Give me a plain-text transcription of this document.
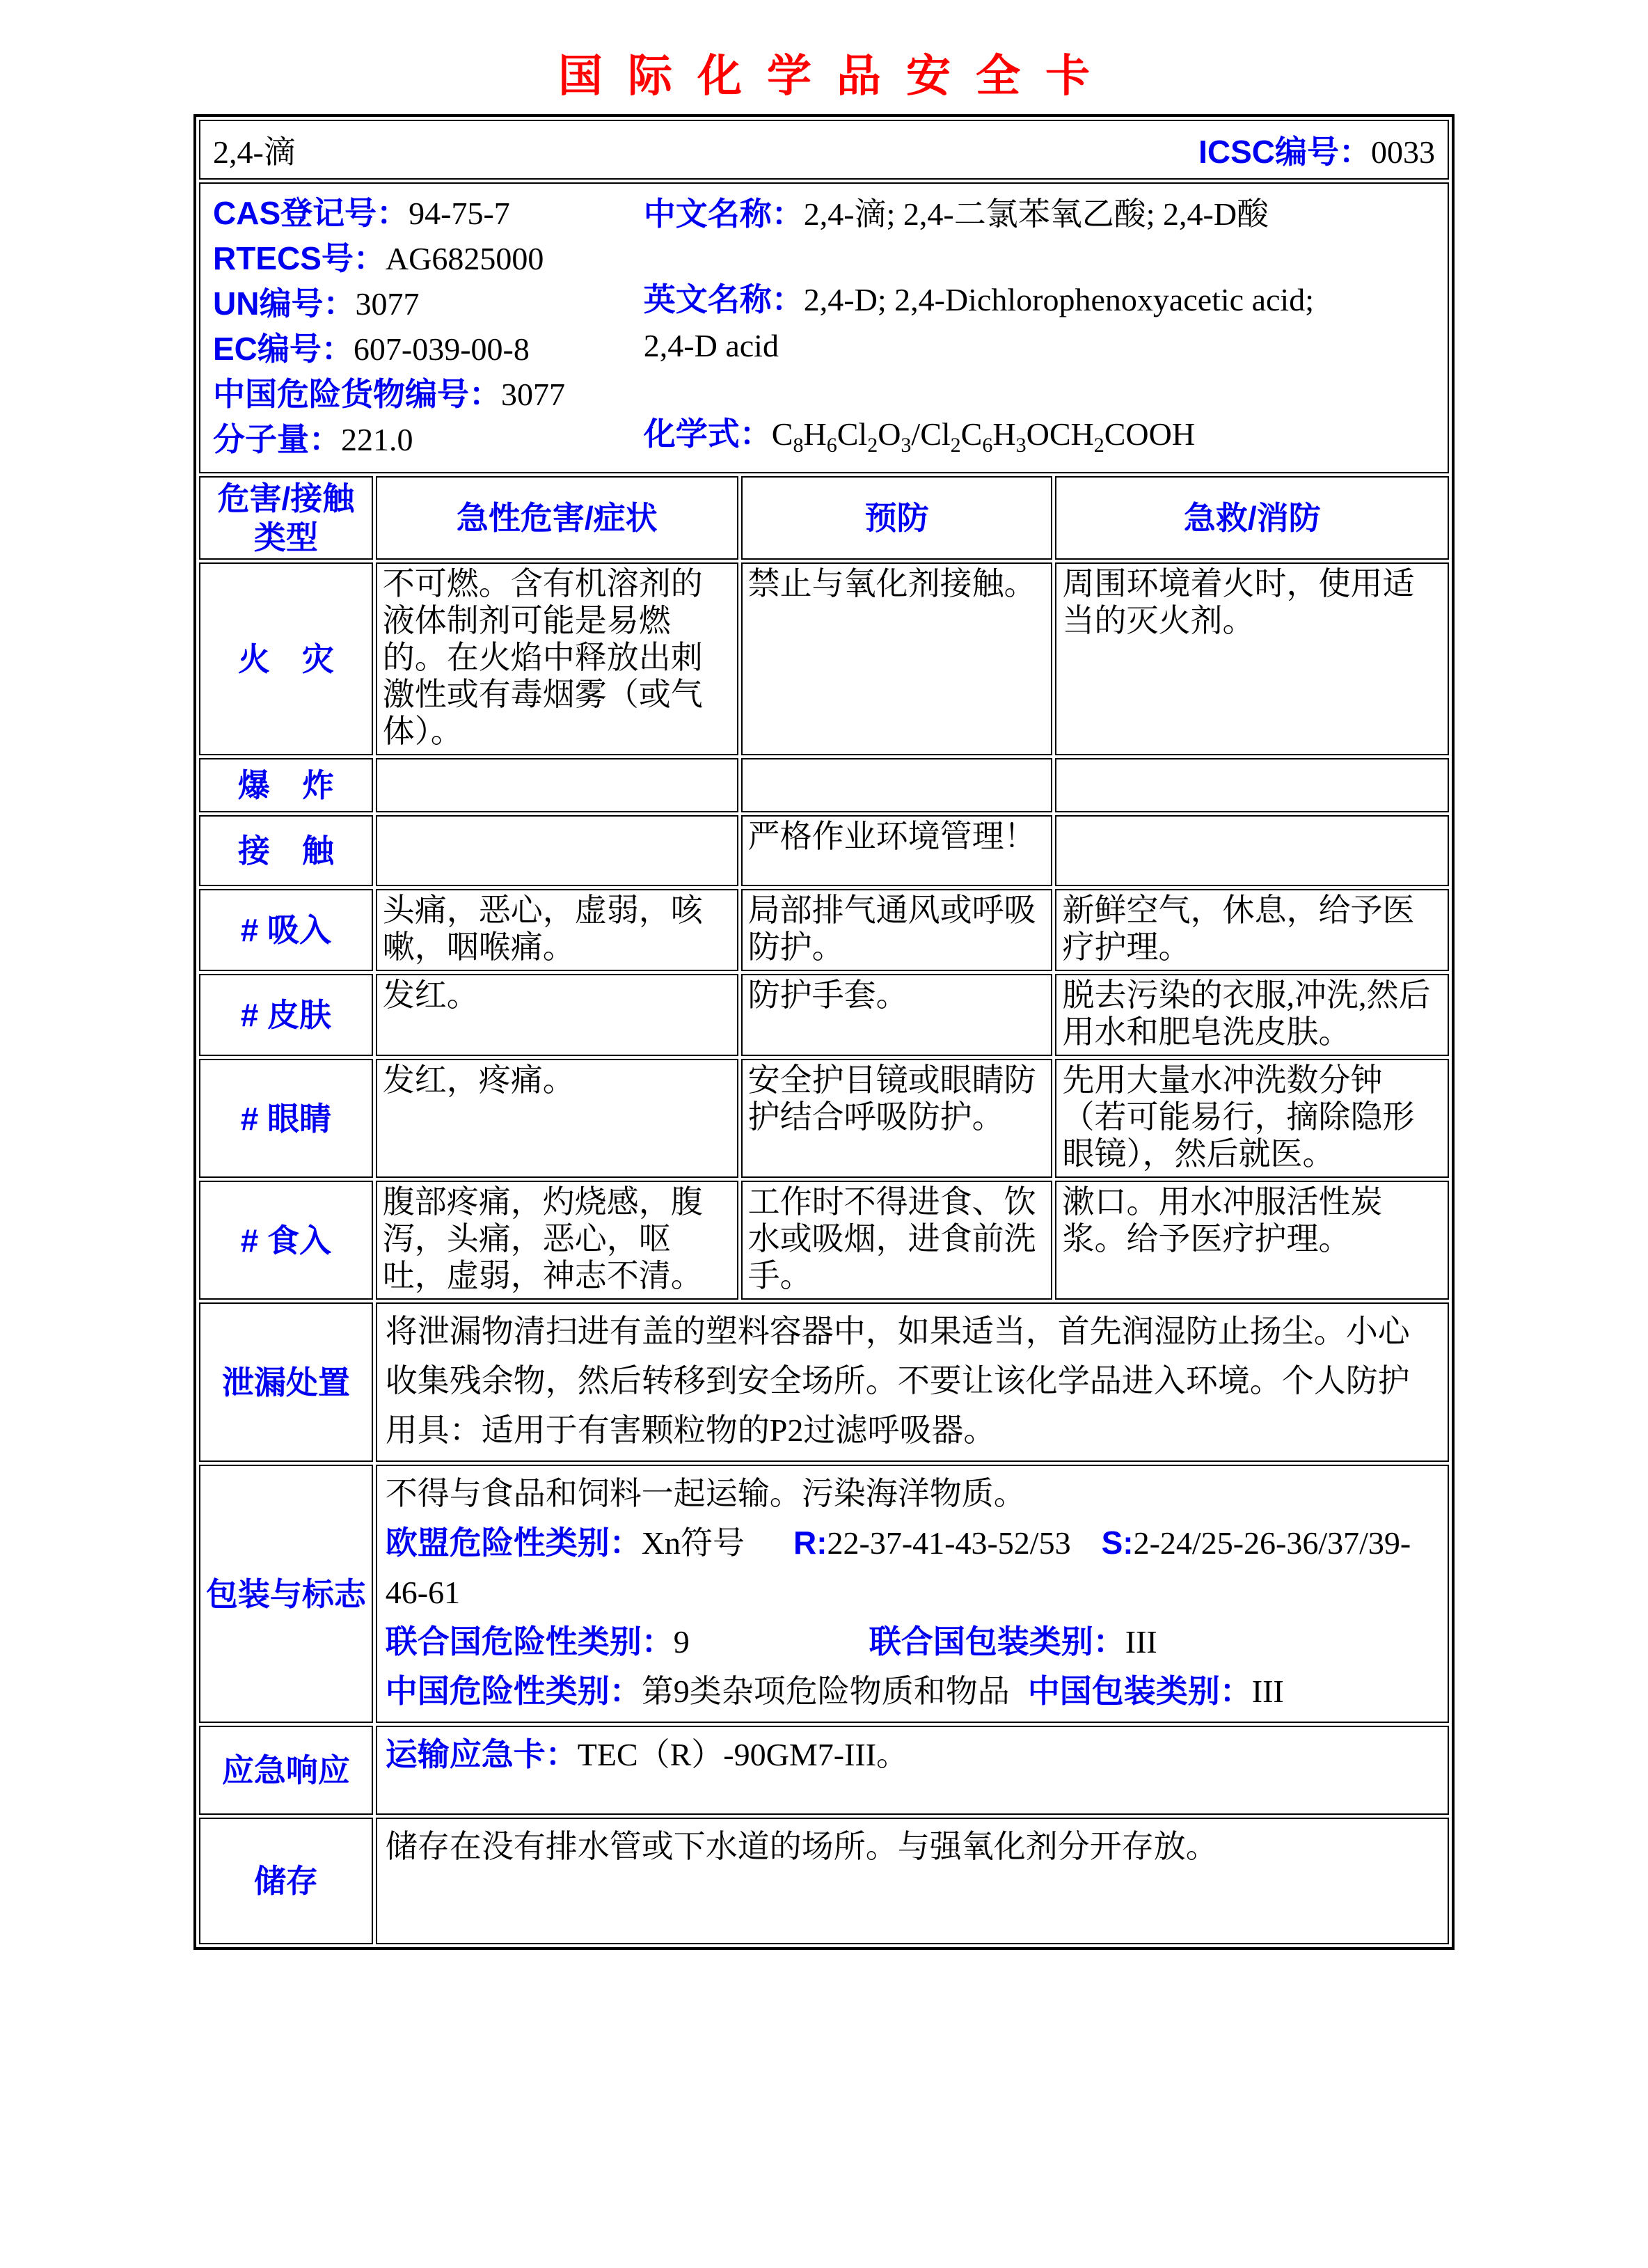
国际化学品安全卡
2,4-滴 ICSC编号：0033			

CAS登记号：94-75-7
RTECS号：AG6825000
UN编号：3077
EC编号：607-039-00-8
中国危险货物编号：3077
分子量：221.0

中文名称：2,4-滴; 2,4-二氯苯氧乙酸; 2,4-D酸

英文名称：2,4-D; 2,4-Dichlorophenoxyacetic acid; 2,4-D acid

化学式：$C_8H_6Cl_2O_3/Cl_2C_6H_3OCH_2COOH$

危害/接触
类型	急性危害/症状	预防	急救/消防
火　灾	不可燃。含有机溶剂的液体制剂可能是易燃的。在火焰中释放出刺激性或有毒烟雾（或气体）。	禁止与氧化剂接触。	周围环境着火时，使用适当的灭火剂。
爆　炸			
接　触		严格作业环境管理！	
# 吸入	头痛，恶心，虚弱，咳嗽，咽喉痛。	局部排气通风或呼吸防护。	新鲜空气，休息，给予医疗护理。
# 皮肤	发红。	防护手套。	脱去污染的衣服,冲洗,然后用水和肥皂洗皮肤。
# 眼睛	发红，疼痛。	安全护目镜或眼睛防护结合呼吸防护。	先用大量水冲洗数分钟（若可能易行，摘除隐形眼镜），然后就医。
# 食入	腹部疼痛，灼烧感，腹泻，头痛，恶心，呕吐，虚弱，神志不清。	工作时不得进食、饮水或吸烟，进食前洗手。	漱口。用水冲服活性炭浆。给予医疗护理。
泄漏处置	将泄漏物清扫进有盖的塑料容器中，如果适当，首先润湿防止扬尘。小心收集残余物，然后转移到安全场所。不要让该化学品进入环境。个人防护用具：适用于有害颗粒物的P2过滤呼吸器。		
包装与标志	不得与食品和饲料一起运输。污染海洋物质。

欧盟危险性类别：Xn符号 R:22-37-41-43-52/53 S:2-24/25-26-36/37/39-46-61

联合国危险性类别：9 联合国包装类别：III

中国危险性类别：第9类杂项危险物质和物品 中国包装类别：III		

应急响应	运输应急卡：TEC（R）-90GM7-III。		
储存	储存在没有排水管或下水道的场所。与强氧化剂分开存放。		
